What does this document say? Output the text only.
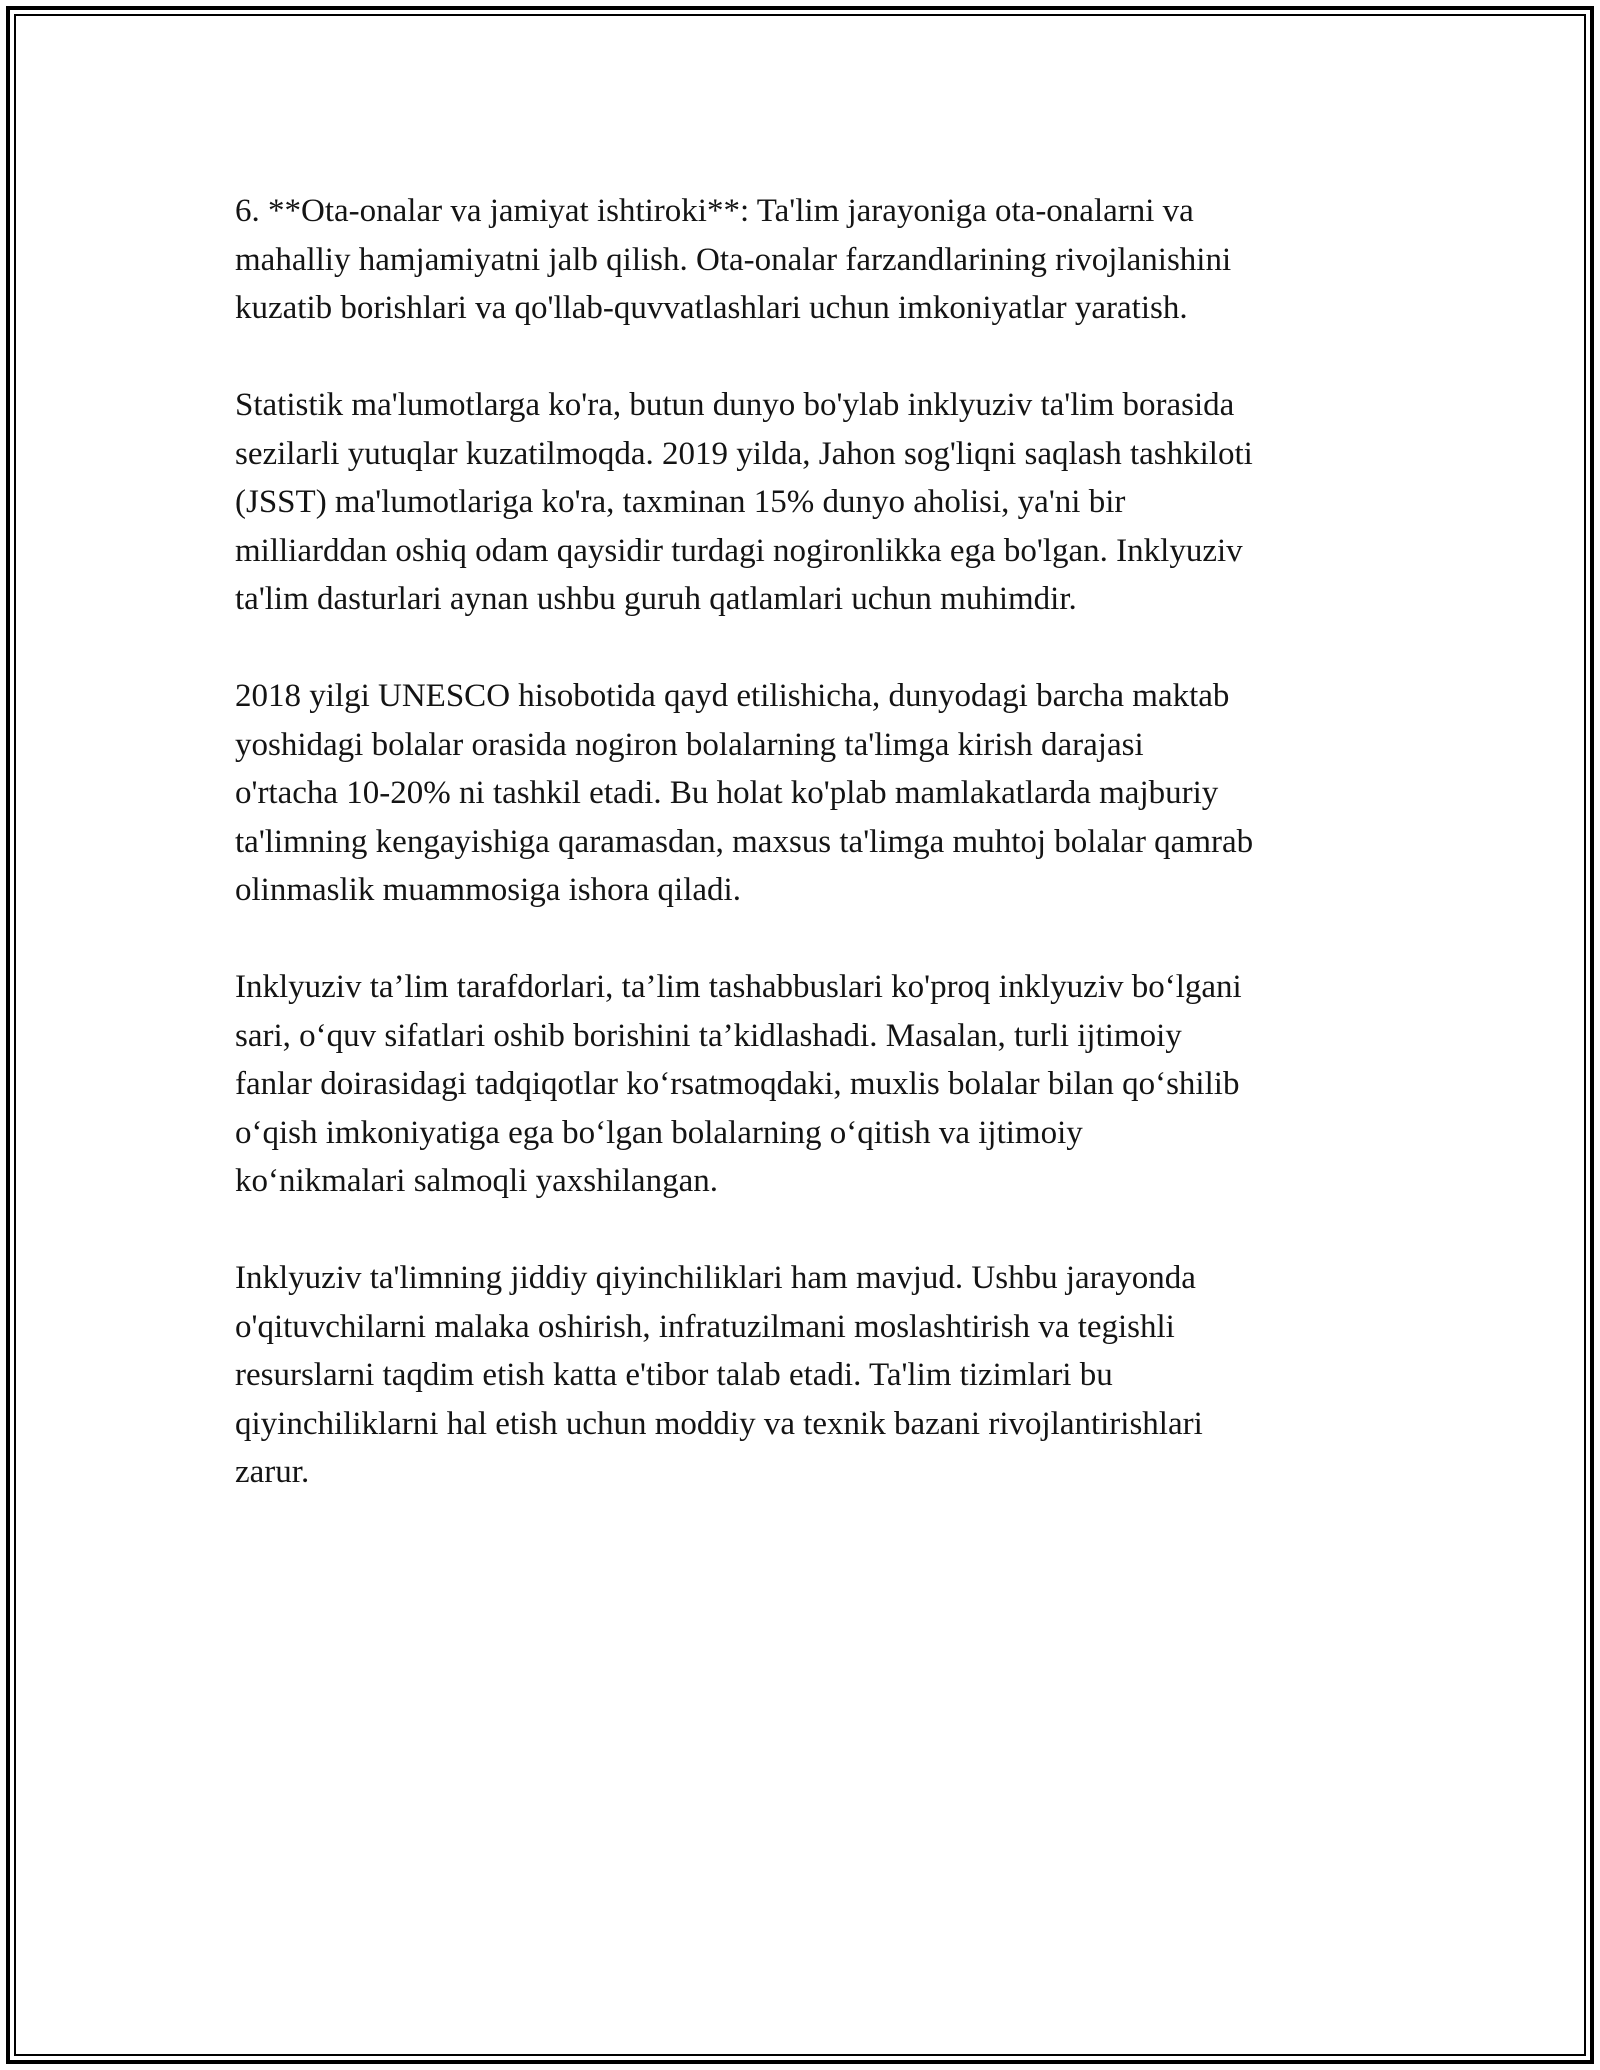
6. **Ota-onalar va jamiyat ishtiroki**: Ta'lim jarayoniga ota-onalarni va
mahalliy hamjamiyatni jalb qilish. Ota-onalar farzandlarining rivojlanishini
kuzatib borishlari va qo'llab-quvvatlashlari uchun imkoniyatlar yaratish.

Statistik ma'lumotlarga ko'ra, butun dunyo bo'ylab inklyuziv ta'lim borasida
sezilarli yutuqlar kuzatilmoqda. 2019 yilda, Jahon sog'liqni saqlash tashkiloti
(JSST) ma'lumotlariga ko'ra, taxminan 15% dunyo aholisi, ya'ni bir
milliarddan oshiq odam qaysidir turdagi nogironlikka ega bo'lgan. Inklyuziv
ta'lim dasturlari aynan ushbu guruh qatlamlari uchun muhimdir.

2018 yilgi UNESCO hisobotida qayd etilishicha, dunyodagi barcha maktab
yoshidagi bolalar orasida nogiron bolalarning ta'limga kirish darajasi
o'rtacha 10-20% ni tashkil etadi. Bu holat ko'plab mamlakatlarda majburiy
ta'limning kengayishiga qaramasdan, maxsus ta'limga muhtoj bolalar qamrab
olinmaslik muammosiga ishora qiladi.

Inklyuziv ta’lim tarafdorlari, ta’lim tashabbuslari ko'proq inklyuziv boʻlgani
sari, oʻquv sifatlari oshib borishini ta’kidlashadi. Masalan, turli ijtimoiy
fanlar doirasidagi tadqiqotlar koʻrsatmoqdaki, muxlis bolalar bilan qoʻshilib
oʻqish imkoniyatiga ega boʻlgan bolalarning oʻqitish va ijtimoiy
koʻnikmalari salmoqli yaxshilangan.

Inklyuziv ta'limning jiddiy qiyinchiliklari ham mavjud. Ushbu jarayonda
o'qituvchilarni malaka oshirish, infratuzilmani moslashtirish va tegishli
resurslarni taqdim etish katta e'tibor talab etadi. Ta'lim tizimlari bu
qiyinchiliklarni hal etish uchun moddiy va texnik bazani rivojlantirishlari
zarur.
